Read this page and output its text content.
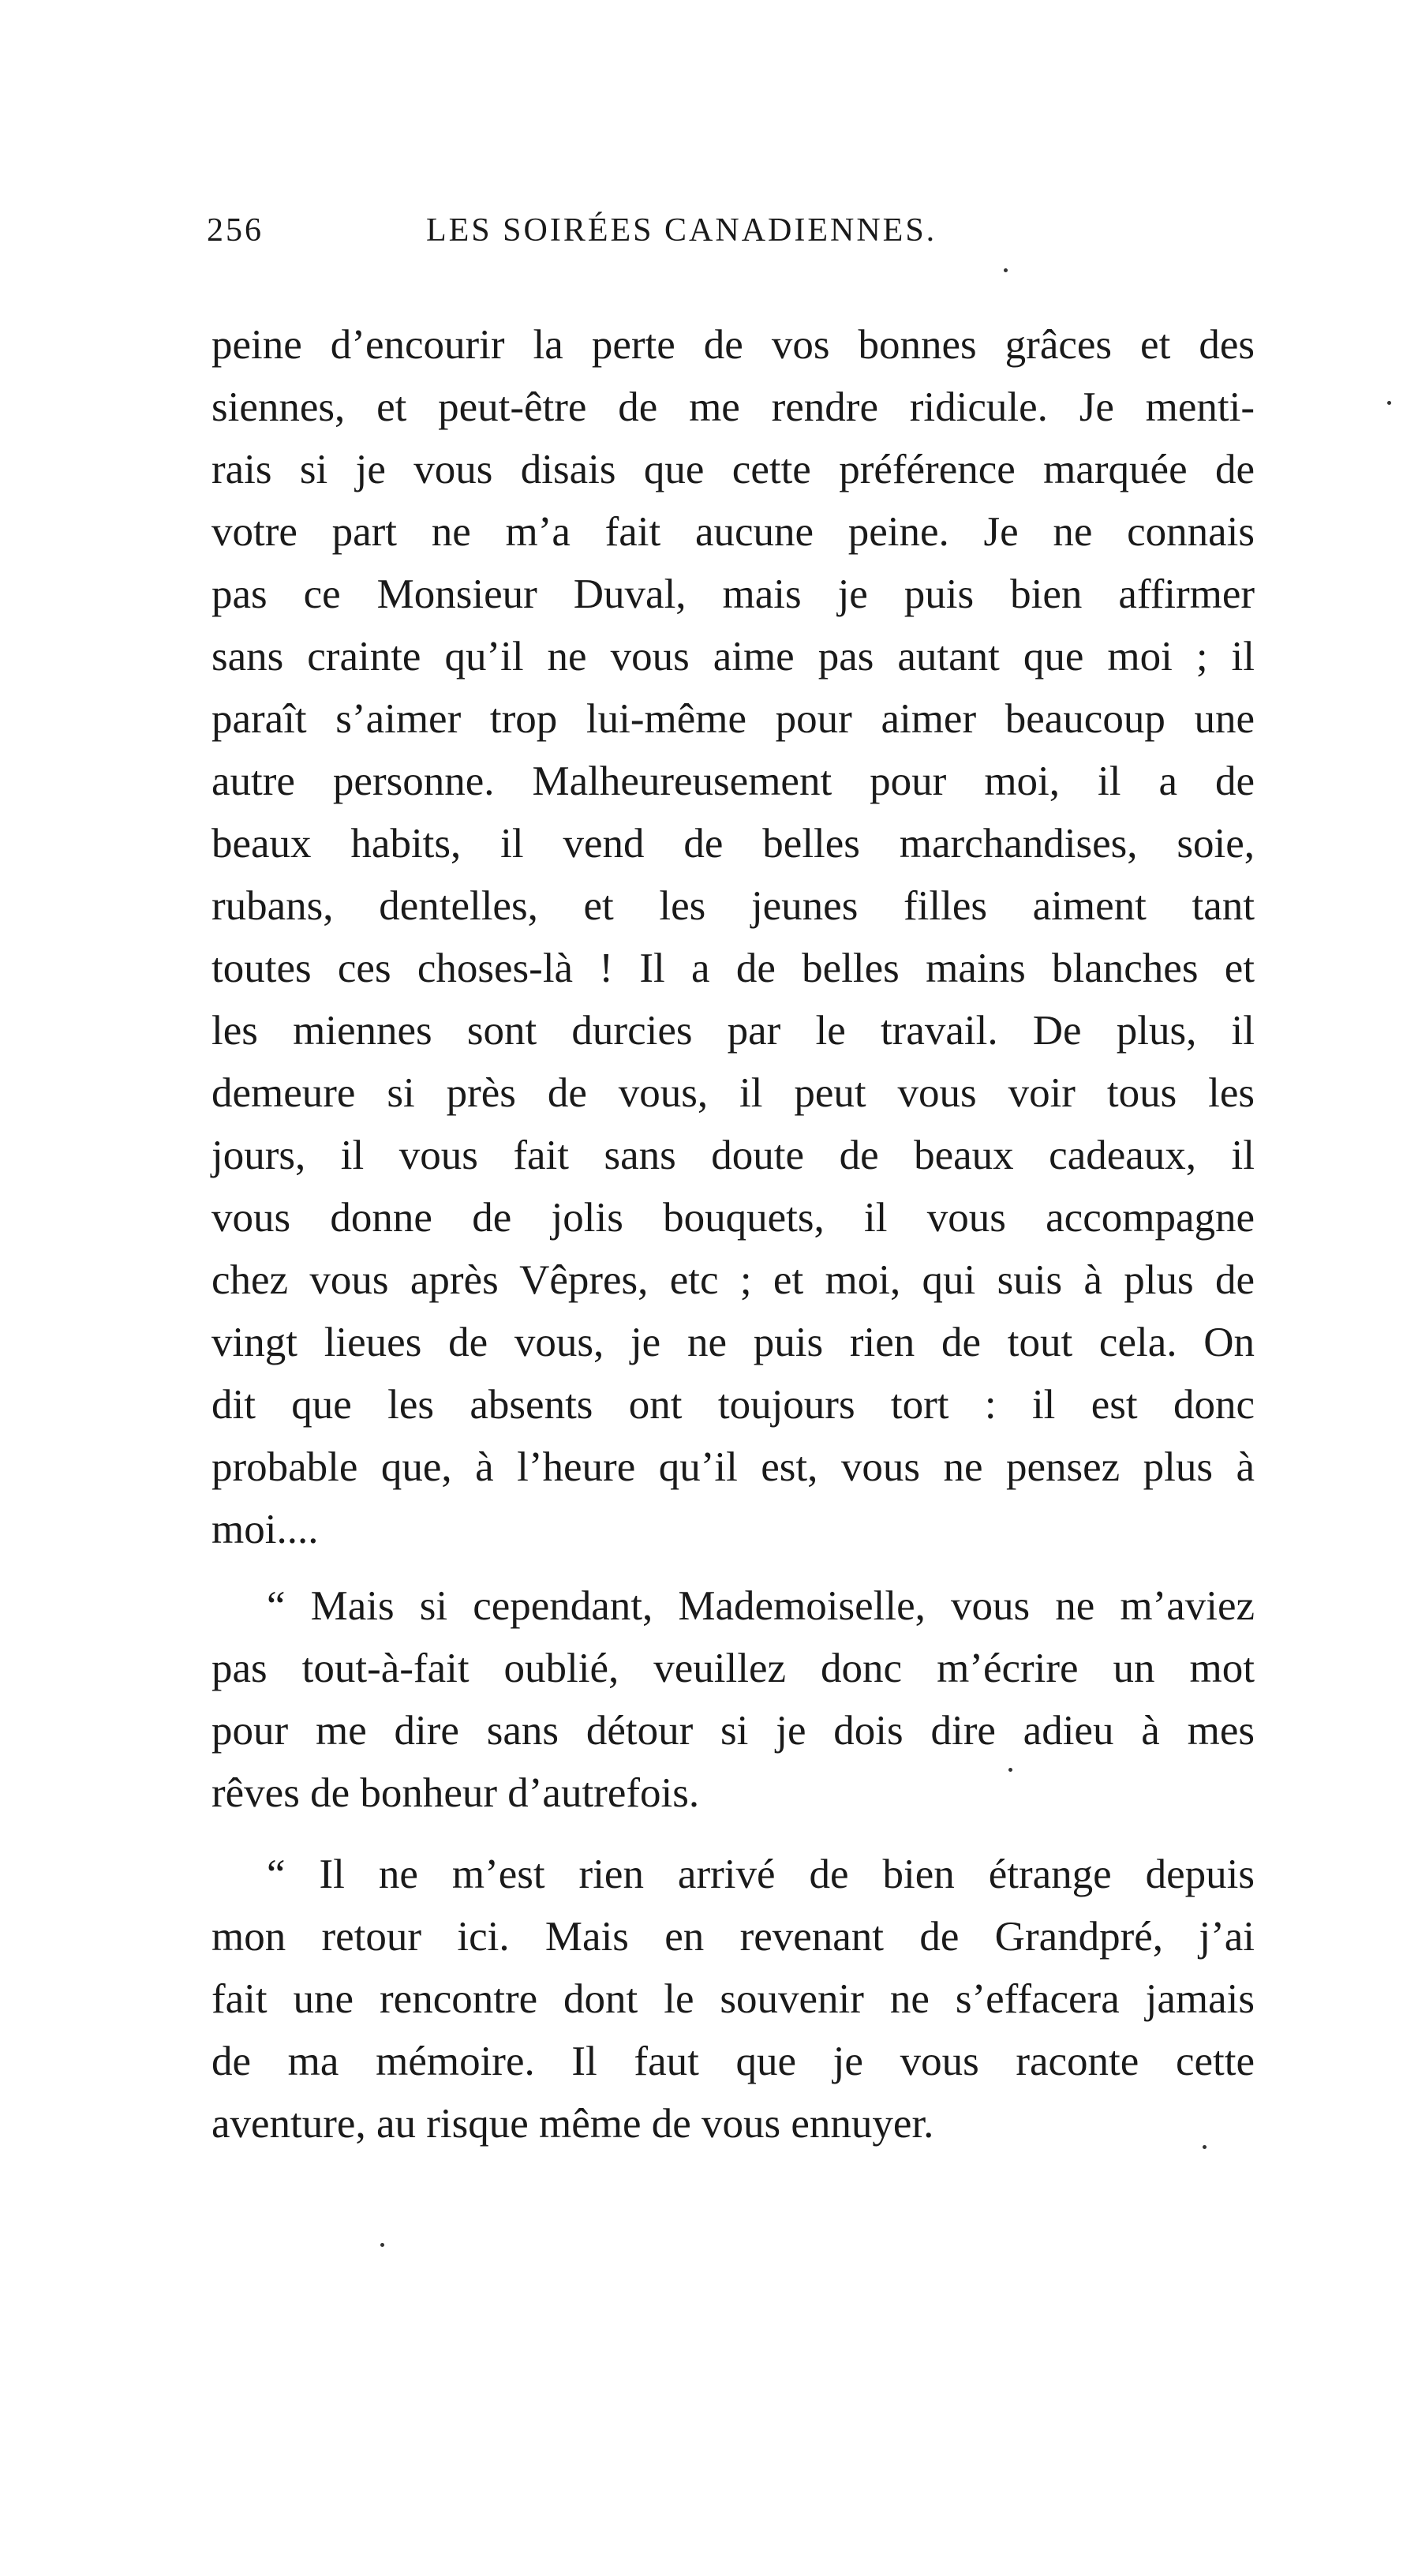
256	LES SOIRÉES CANADIENNES.
peine d’encourir la perte de vos bonnes grâces et des
siennes, et peut-être de me rendre ridicule. Je menti-
rais si je vous disais que cette préférence marquée de
votre part ne m’a fait aucune peine. Je ne connais
pas ce Monsieur Duval, mais je puis bien affirmer
sans crainte qu’il ne vous aime pas autant que moi ; il
paraît s’aimer trop lui-même pour aimer beaucoup une
autre personne. Malheureusement pour moi, il a de
beaux habits, il vend de belles marchandises, soie,
rubans, dentelles, et les jeunes filles aiment tant
toutes ces choses-là ! Il a de belles mains blanches et
les miennes sont durcies par le travail. De plus, il
demeure si près de vous, il peut vous voir tous les
jours, il vous fait sans doute de beaux cadeaux, il
vous donne de jolis bouquets, il vous accompagne
chez vous après Vêpres, etc ; et moi, qui suis à plus de
vingt lieues de vous, je ne puis rien de tout cela. On
dit que les absents ont toujours tort : il est donc
probable que, à l’heure qu’il est, vous ne pensez plus à
moi....
“ Mais si cependant, Mademoiselle, vous ne m’aviez
pas tout-à-fait oublié, veuillez donc m’écrire un mot
pour me dire sans détour si je dois dire adieu à mes
rêves de bonheur d’autrefois.
“ Il ne m’est rien arrivé de bien étrange depuis
mon retour ici. Mais en revenant de Grandpré, j’ai
fait une rencontre dont le souvenir ne s’effacera jamais
de ma mémoire. Il faut que je vous raconte cette
aventure, au risque même de vous ennuyer.
